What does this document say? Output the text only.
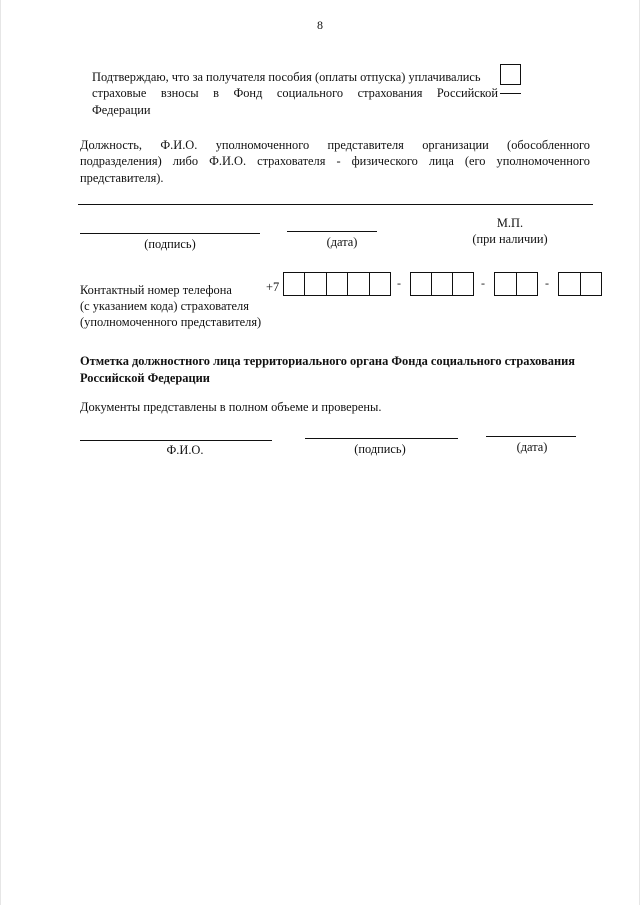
8
Подтверждаю, что за получателя пособия (оплаты отпуска) уплачивались
страховые взносы в Фонд социального страхования Российской
Федерации
Должность, Ф.И.О. уполномоченного представителя организации (обособленного
подразделения) либо Ф.И.О. страхователя - физического лица (его уполномоченного
представителя).
(подпись)	(дата)
М.П.
(при наличии)
Контактный номер телефона
(с указанием кода) страхователя
(уполномоченного представителя)
+7	-	-	-
Отметка должностного лица территориального органа Фонда социального страхования
Российской Федерации
Документы представлены в полном объеме и проверены.
Ф.И.О.	(подпись)	(дата)
